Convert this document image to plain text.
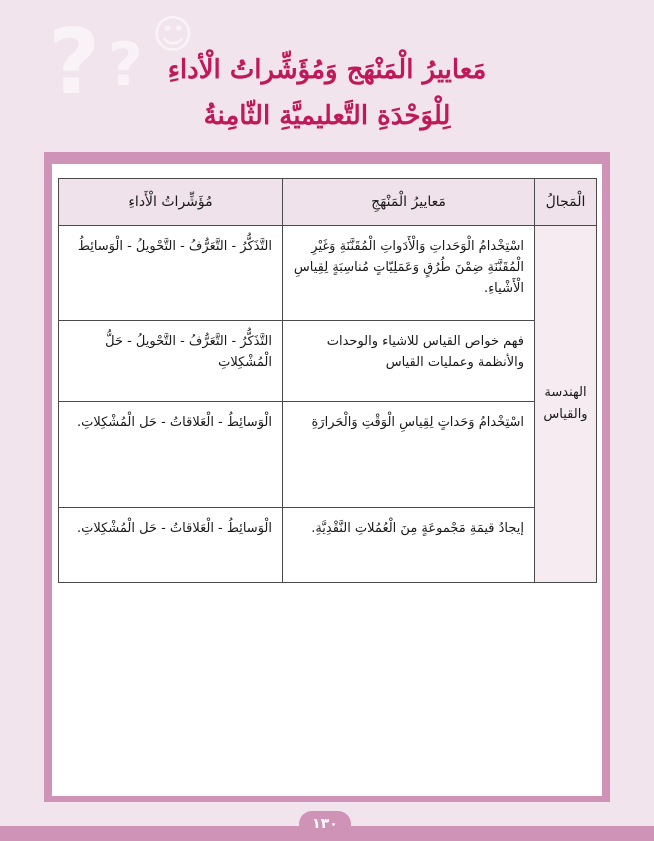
? ? ☺
مَعاييرُ الْمَنْهَج وَمُؤَشِّراتُ الْأداءِ
لِلْوَحْدَةِ التَّعليميَّةِ الثّامِنةُ
الْمَجالُ	مَعاييرُ الْمَنْهَجِ	مُؤَشِّراتُ الْأَداءِ

الهندسة والقياس	اسْتِخْدامُ الْوَحَداتِ وَالْأَدَواتِ الْمُقَنَّنَةِ وَغَيْرِ الْمُقَنَّنَةِ ضِمْنَ طُرُقٍ وَعَمَلِيّاتٍ مُناسِبَةٍ لِقِياسِ الْأَشْياءِ.	التَّذَكُّرُ - التَّعَرُّفُ - التَّحْويلُ - الْوَسائِطُ
	فهم خواص القياس للاشياء والوحدات والأنظمة وعمليات القياس	التَّذَكُّرُ - التَّعَرُّفُ - التَّحْويلُ - حَلُّ الْمُشْكِلاتِ
	اسْتِخْدامُ وَحَداتٍ لِقِياسِ الْوَقْتِ وَالْحَرارَةِ	الْوَسائِطُ - الْعَلاقاتُ - حَل الْمُشْكِلاتِ.
	إيجادُ قيمَةِ مَجْموعَةٍ مِنَ الْعُمُلاتِ النَّقْدِيَّةِ.	الْوَسائِطُ - الْعَلاقاتُ - حَل الْمُشْكِلاتِ.
١٣٠
